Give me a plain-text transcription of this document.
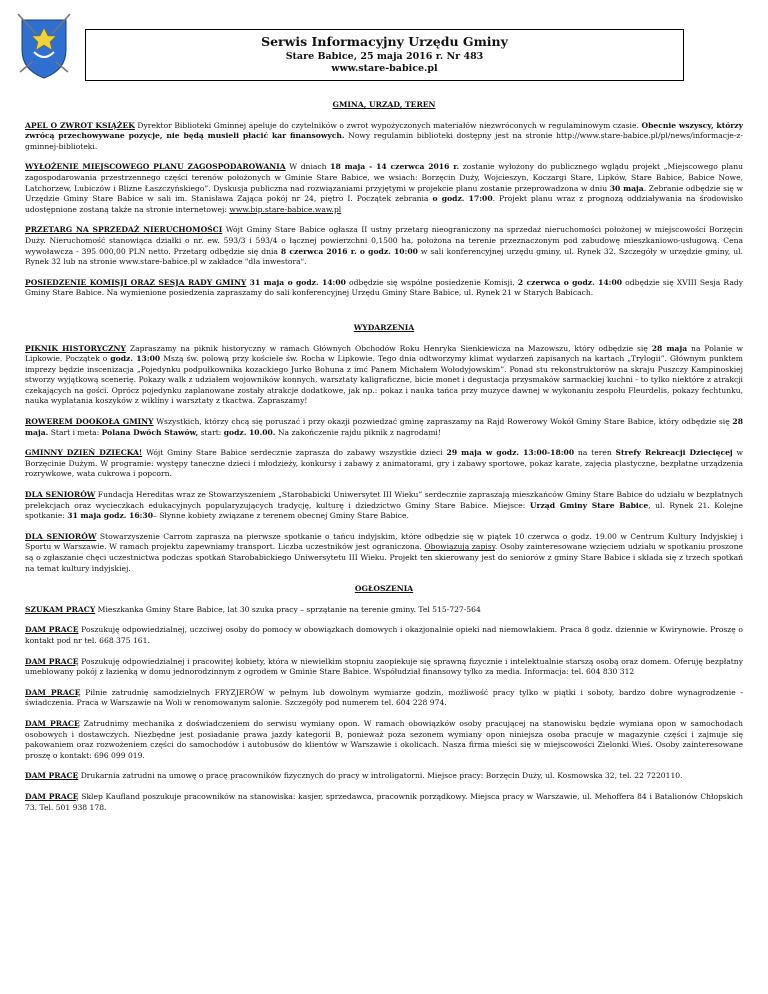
Serwis Informacyjny Urzędu Gminy
Stare Babice, 25 maja 2016 r. Nr 483
www.stare-babice.pl
GMINA, URZĄD, TEREN
APEL O ZWROT KSIĄŻEK Dyrektor Biblioteki Gminnej apeluje do czytelników o zwrot wypożyczonych materiałów niezwróconych w regulaminowym czasie. Obecnie wszyscy, którzy zwrócą przechowywane pozycje, nie będą musieli płacić kar finansowych. Nowy regulamin biblioteki dostępny jest na stronie http://www.stare-babice.pl/pl/news/informacje-z-gminnej-biblioteki.
WYŁOŻENIE MIEJSCOWEGO PLANU ZAGOSPODAROWANIA W dniach 18 maja - 14 czerwca 2016 r. zostanie wyłożony do publicznego wglądu projekt „Miejscowego planu zagospodarowania przestrzennego części terenów położonych w Gminie Stare Babice, we wsiach: Borzęcin Duży, Wojcieszyn, Koczargi Stare, Lipków, Stare Babice, Babice Nowe, Latchorzew, Lubiczów i Blizne Łaszczyńskiego”. Dyskusja publiczna nad rozwiązaniami przyjętymi w projekcie planu zostanie przeprowadzona w dniu 30 maja. Zebranie odbędzie się w Urzędzie Gminy Stare Babice w sali im. Stanisława Zająca pokój nr 24, piętro I. Początek zebrania o godz. 17:00. Projekt planu wraz z prognozą oddziaływania na środowisko udostępnione zostaną także na stronie internetowej: www.bip.stare-babice.waw.pl
PRZETARG NA SPRZEDAŻ NIERUCHOMOŚCI Wójt Gminy Stare Babice ogłasza II ustny przetarg nieograniczony na sprzedaż nieruchomości położonej w miejscowości Borzęcin Duży. Nieruchomość stanowiąca działki o nr. ew. 593/3 i 593/4 o łącznej powierzchni 0,1500 ha, położona na terenie przeznaczonym pod zabudowę mieszkaniowo-usługową. Cena wywoławcza - 395 000,00 PLN netto. Przetarg odbędzie się dnia 8 czerwca 2016 r. o godz. 10:00 w sali konferencyjnej urzędu gminy, ul. Rynek 32. Szczegóły w urzędzie gminy, ul. Rynek 32 lub na stronie www.stare-babice.pl w zakładce "dla inwestora".
POSIEDZENIE KOMISJI ORAZ SESJA RADY GMINY 31 maja o godz. 14:00 odbędzie się wspólne posiedzenie Komisji, 2 czerwca o godz. 14:00 odbędzie się XVIII Sesja Rady Gminy Stare Babice. Na wymienione posiedzenia zapraszamy do sali konferencyjnej Urzędu Gminy Stare Babice, ul. Rynek 21 w Starych Babicach.
WYDARZENIA
PIKNIK HISTORYCZNY Zapraszamy na piknik historyczny w ramach Głównych Obchodów Roku Henryka Sienkiewicza na Mazowszu, który odbędzie się 28 maja na Polanie w Lipkowie. Początek o godz. 13:00 Mszą św. polową przy kościele św. Rocha w Lipkowie. Tego dnia odtworzymy klimat wydarzeń zapisanych na kartach „Trylogii”. Głównym punktem imprezy będzie inscenizacja „Pojedynku podpułkownika kozackiego Jurko Bohuna z imć Panem Michałem Wołodyjowskim”. Ponad stu rekonstruktorów na skraju Puszczy Kampinoskiej stworzy wyjątkową scenerię. Pokazy walk z udziałem wojowników konnych, warsztaty kaligraficzne, bicie monet i degustacja przysmaków sarmackiej kuchni - to tylko niektóre z atrakcji czekających na gości. Oprócz pojedynku zaplanowane zostały atrakcje dodatkowe, jak np.: pokaz i nauka tańca przy muzyce dawnej w wykonaniu zespołu Fleurdelis, pokazy fechtunku, nauka wyplatania koszyków z wikliny i warsztaty z tkactwa. Zapraszamy!
ROWEREM DOOKOŁA GMINY Wszystkich, którzy chcą się poruszać i przy okazji pozwiedzać gminę zapraszamy na Rajd Rowerowy Wokół Gminy Stare Babice, który odbędzie się 28 maja. Start i meta: Polana Dwóch Stawów, start: godz. 10.00. Na zakończenie rajdu piknik z nagrodami!
GMINNY DZIEŃ DZIECKA! Wójt Gminy Stare Babice serdecznie zaprasza do zabawy wszystkie dzieci 29 maja w godz. 13:00-18:00 na teren Strefy Rekreacji Dziecięcej w Borzęcinie Dużym. W programie: występy taneczne dzieci i młodzieży, konkursy i zabawy z animatorami, gry i zabawy sportowe, pokaz karate, zajęcia plastyczne, bezpłatne urządzenia rozrywkowe, wata cukrowa i popcorn.
DLA SENIORÓW Fundacja Hereditas wraz ze Stowarzyszeniem „Starobabicki Uniwersytet III Wieku” serdecznie zapraszają mieszkańców Gminy Stare Babice do udziału w bezpłatnych prelekcjach oraz wycieczkach edukacyjnych popularyzujących tradycję, kulturę i dziedzictwo Gminy Stare Babice. Miejsce: Urząd Gminy Stare Babice, ul. Rynek 21. Kolejne spotkanie: 31 maja godz. 16:30– Słynne kobiety związane z terenem obecnej Gminy Stare Babice.
DLA SENIORÓW Stowarzyszenie Carrom zaprasza na pierwsze spotkanie o tańcu indyjskim, które odbędzie się w piątek 10 czerwca o godz. 19.00 w Centrum Kultury Indyjskiej i Sportu w Warszawie. W ramach projektu zapewniamy transport. Liczba uczestników jest ograniczona. Obowiązują zapisy. Osoby zainteresowane wzięciem udziału w spotkaniu proszone są o zgłaszanie chęci uczestnictwa podczas spotkań Starobabickiego Uniwersytetu III Wieku. Projekt ten skierowany jest do seniorów z gminy Stare Babice i składa się z trzech spotkań na temat kultury indyjskiej.
OGŁOSZENIA
SZUKAM PRACY Mieszkanka Gminy Stare Babice, lat 30 szuka pracy – sprzątanie na terenie gminy. Tel 515-727-564
DAM PRACĘ Poszukuję odpowiedzialnej, uczciwej osoby do pomocy w obowiązkach domowych i okazjonalnie opieki nad niemowlakiem. Praca 8 godz. dziennie w Kwirynowie. Proszę o kontakt pod nr tel. 668 375 161.
DAM PRACĘ Poszukuję odpowiedzialnej i pracowitej kobiety, która w niewielkim stopniu zaopiekuje się sprawną fizycznie i intelektualnie starszą osobą oraz domem. Oferuję bezpłatny umeblowany pokój z łazienką w domu jednorodzinnym z ogrodem w Gminie Stare Babice. Współudział finansowy tylko za media. Informacja: tel. 604 830 312
DAM PRACĘ Pilnie zatrudnię samodzielnych FRYZJERÓW w pełnym lub dowolnym wymiarze godzin, możliwość pracy tylko w piątki i soboty, bardzo dobre wynagrodzenie - świadczenia. Praca w Warszawie na Woli w renomowanym salonie. Szczegóły pod numerem tel. 604 228 974.
DAM PRACĘ Zatrudnimy mechanika z doświadczeniem do serwisu wymiany opon. W ramach obowiązków osoby pracującej na stanowisku będzie wymiana opon w samochodach osobowych i dostawczych. Niezbędne jest posiadanie prawa jazdy kategorii B, ponieważ poza sezonem wymiany opon niniejsza osoba pracuje w magazynie części i zajmuje się pakowaniem oraz rozwożeniem części do samochodów i autobusów do klientów w Warszawie i okolicach. Nasza firma mieści się w miejscowości Zielonki Wieś. Osoby zainteresowane proszę o kontakt: 696 099 019.
DAM PRACĘ Drukarnia zatrudni na umowę o pracę pracowników fizycznych do pracy w introligatorni. Miejsce pracy: Borzęcin Duży, ul. Kosmowska 32, tel. 22 7220110.
DAM PRACĘ Sklep Kaufland poszukuje pracowników na stanowiska: kasjer, sprzedawca, pracownik porządkowy. Miejsca pracy w Warszawie, ul. Mehoffera 84 i Batalionów Chłopskich 73. Tel. 501 938 178.
